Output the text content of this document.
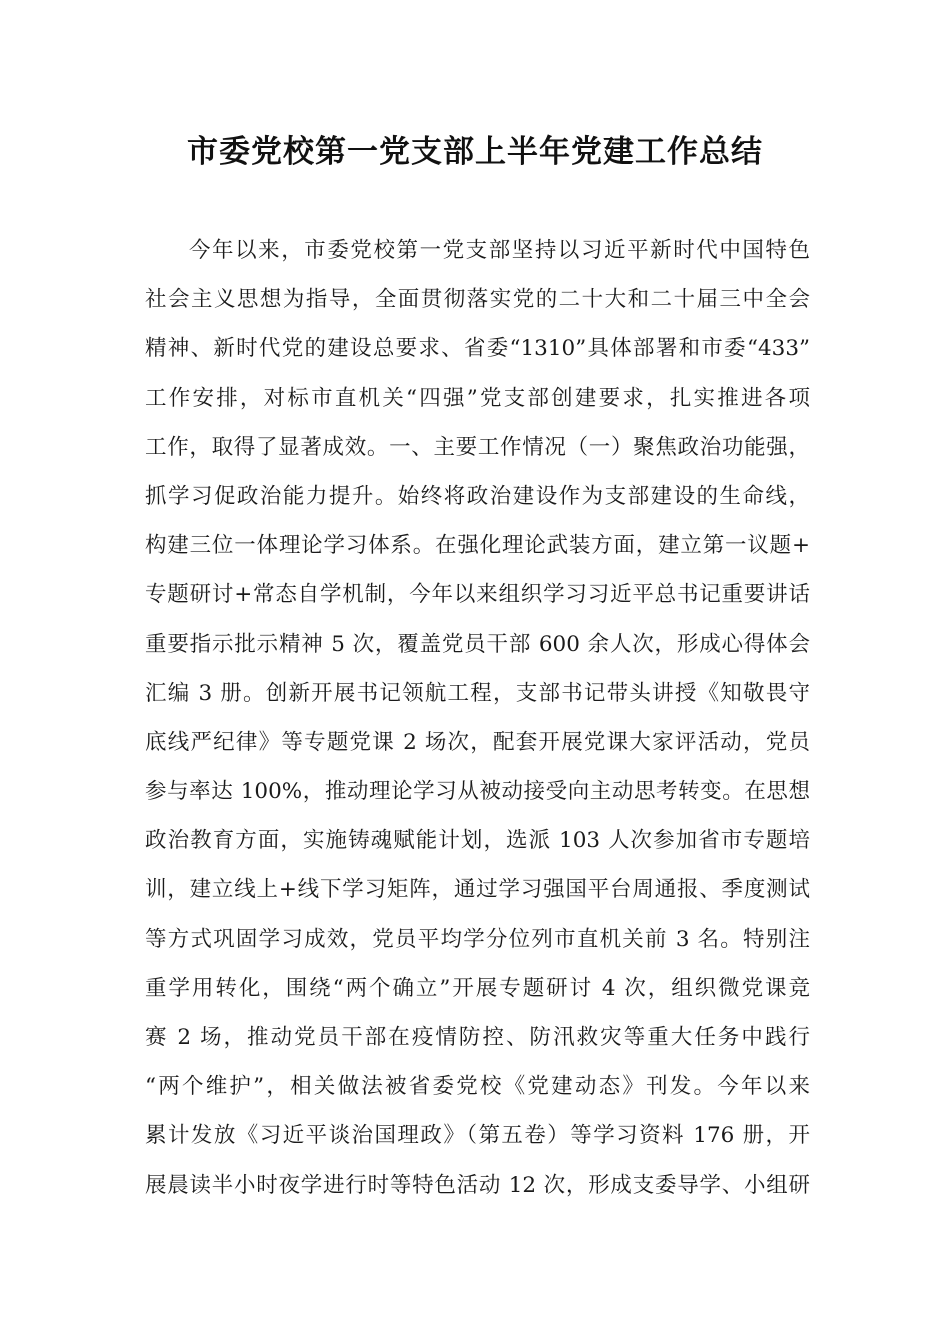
市委党校第一党支部上半年党建工作总结
今年以来，市委党校第一党支部坚持以习近平新时代中国特色
社会主义思想为指导，全面贯彻落实党的二十大和二十届三中全会
精神、新时代党的建设总要求、省委“1310”具体部署和市委“433”
工作安排，对标市直机关“四强”党支部创建要求，扎实推进各项
工作，取得了显著成效。一、主要工作情况（一）聚焦政治功能强，
抓学习促政治能力提升。始终将政治建设作为支部建设的生命线，
构建三位一体理论学习体系。在强化理论武装方面，建立第一议题+
专题研讨+常态自学机制，今年以来组织学习习近平总书记重要讲话
重要指示批示精神 5 次，覆盖党员干部 600 余人次，形成心得体会
汇编 3 册。创新开展书记领航工程，支部书记带头讲授《知敬畏守
底线严纪律》等专题党课 2 场次，配套开展党课大家评活动，党员
参与率达 100%，推动理论学习从被动接受向主动思考转变。在思想
政治教育方面，实施铸魂赋能计划，选派 103 人次参加省市专题培
训，建立线上+线下学习矩阵，通过学习强国平台周通报、季度测试
等方式巩固学习成效，党员平均学分位列市直机关前 3 名。特别注
重学用转化，围绕“两个确立”开展专题研讨 4 次，组织微党课竞
赛 2 场，推动党员干部在疫情防控、防汛救灾等重大任务中践行
“两个维护”，相关做法被省委党校《党建动态》刊发。今年以来
累计发放《习近平谈治国理政》（第五卷）等学习资料 176 册，开
展晨读半小时夜学进行时等特色活动 12 次，形成支委导学、小组研
